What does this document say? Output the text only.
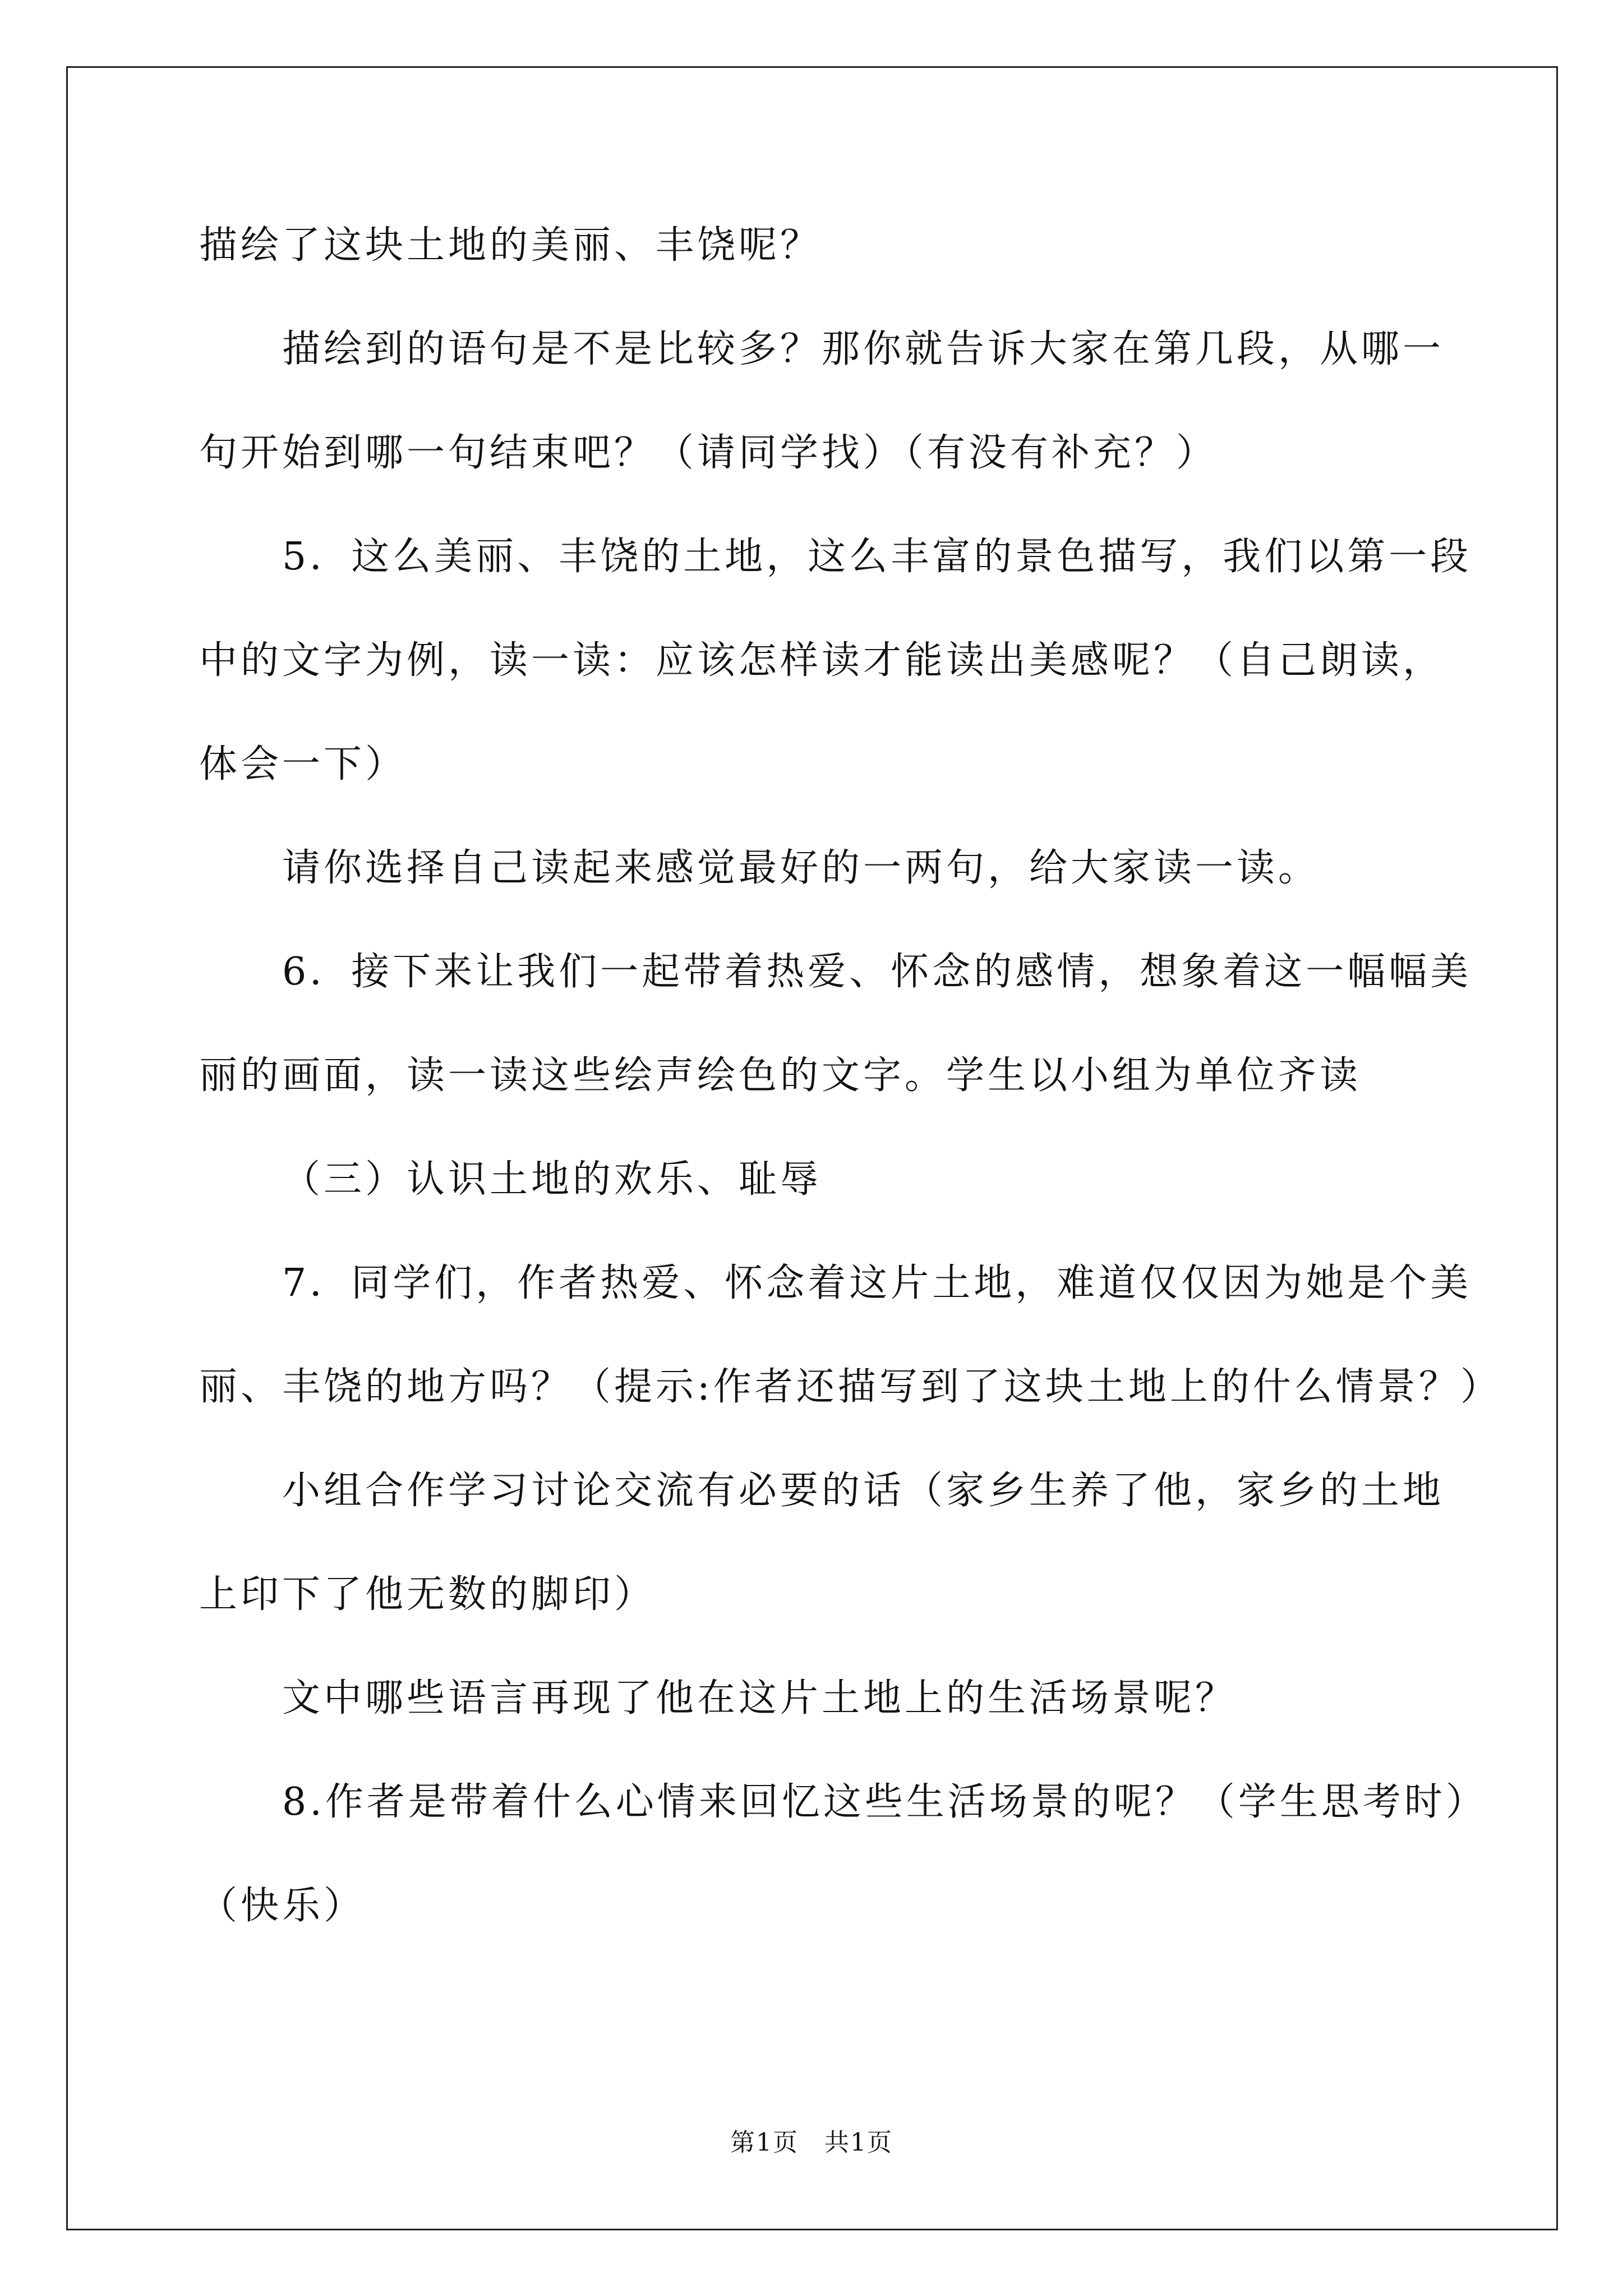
描绘了这块土地的美丽、丰饶呢？
描绘到的语句是不是比较多？那你就告诉大家在第几段，从哪一
句开始到哪一句结束吧？（请同学找）（有没有补充？）
5．这么美丽、丰饶的土地，这么丰富的景色描写，我们以第一段
中的文字为例，读一读：应该怎样读才能读出美感呢？（自己朗读，
体会一下）
请你选择自己读起来感觉最好的一两句，给大家读一读。
6．接下来让我们一起带着热爱、怀念的感情，想象着这一幅幅美
丽的画面，读一读这些绘声绘色的文字。学生以小组为单位齐读
（三）认识土地的欢乐、耻辱
7．同学们，作者热爱、怀念着这片土地，难道仅仅因为她是个美
丽、丰饶的地方吗？（提示:作者还描写到了这块土地上的什么情景？）
小组合作学习讨论交流有必要的话（家乡生养了他，家乡的土地
上印下了他无数的脚印）
文中哪些语言再现了他在这片土地上的生活场景呢？
8.作者是带着什么心情来回忆这些生活场景的呢？（学生思考时）
（快乐）
第1页　共1页
